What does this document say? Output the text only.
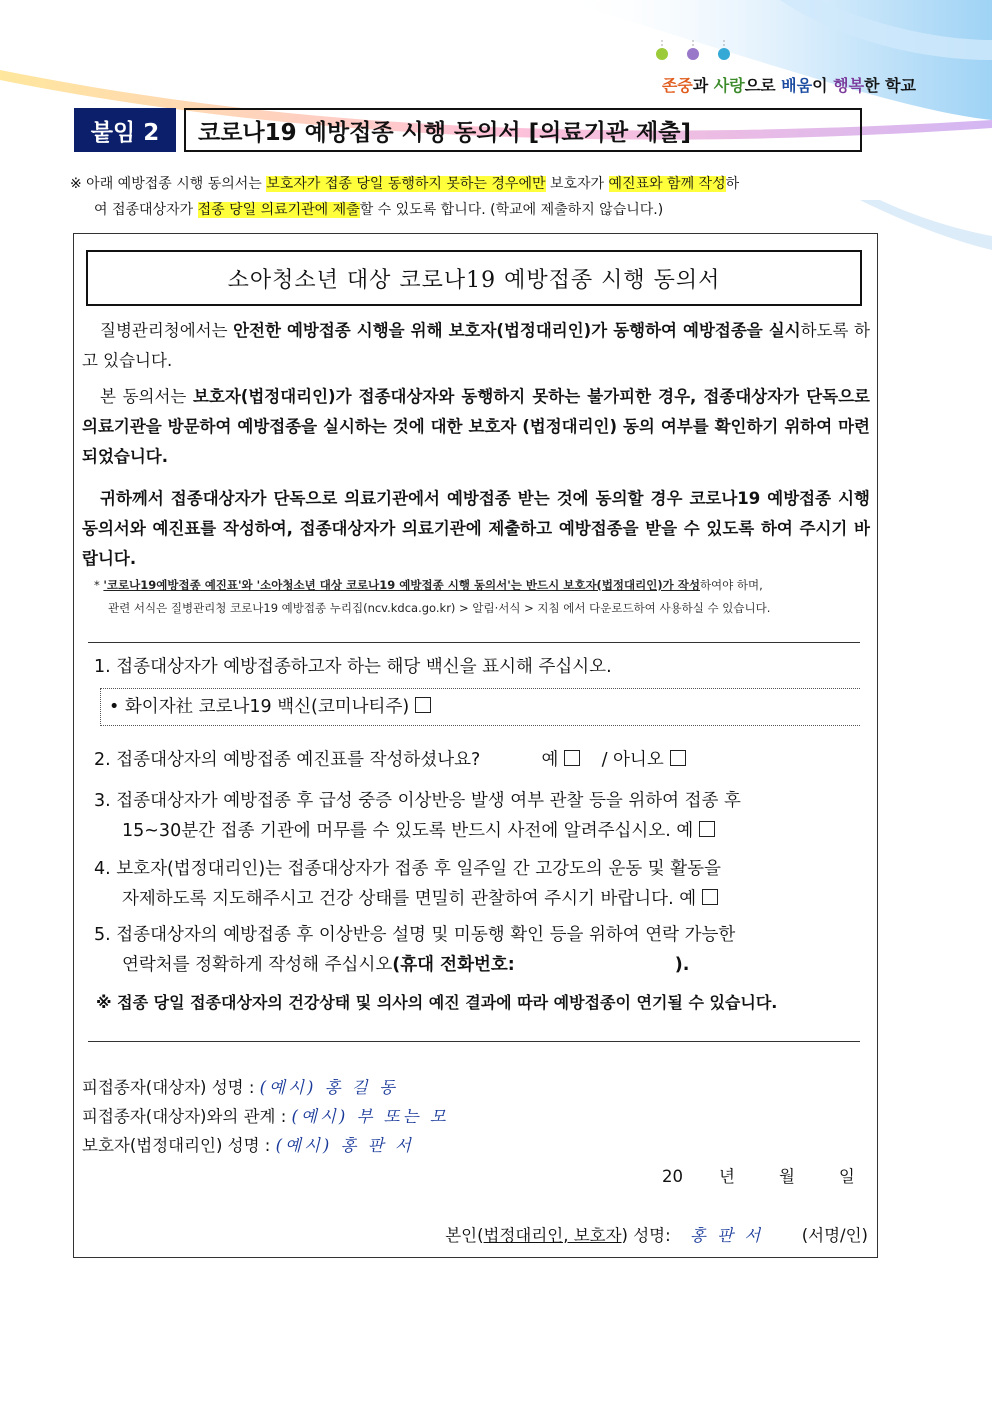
존중과 사랑으로 배움이 행복한 학교
붙임 2	코로나19 예방접종 시행 동의서 [의료기관 제출]
※ 아래 예방접종 시행 동의서는 보호자가 접종 당일 동행하지 못하는 경우에만 보호자가 예진표와 함께 작성하
여 접종대상자가 접종 당일 의료기관에 제출할 수 있도록 합니다. (학교에 제출하지 않습니다.)
소아청소년 대상 코로나19 예방접종 시행 동의서
질병관리청에서는 안전한 예방접종 시행을 위해 보호자(법정대리인)가 동행하여 예방접종을 실시하도록 하고 있습니다.
본 동의서는 보호자(법정대리인)가 접종대상자와 동행하지 못하는 불가피한 경우, 접종대상자가 단독으로 의료기관을 방문하여 예방접종을 실시하는 것에 대한 보호자 (법정대리인) 동의 여부를 확인하기 위하여 마련되었습니다.
귀하께서 접종대상자가 단독으로 의료기관에서 예방접종 받는 것에 동의할 경우 코로나19 예방접종 시행 동의서와 예진표를 작성하여, 접종대상자가 의료기관에 제출하고 예방접종을 받을 수 있도록 하여 주시기 바랍니다.
* '코로나19예방접종 예진표'와 '소아청소년 대상 코로나19 예방접종 시행 동의서'는 반드시 보호자(법정대리인)가 작성하여야 하며,
관련 서식은 질병관리청 코로나19 예방접종 누리집(ncv.kdca.go.kr) > 알림·서식 > 지침 에서 다운로드하여 사용하실 수 있습니다.
1. 접종대상자가 예방접종하고자 하는 해당 백신을 표시해 주십시오.
• 화이자社 코로나19 백신(코미나티주)
2. 접종대상자의 예방접종 예진표를 작성하셨나요?	예 / 아니오
3. 접종대상자가 예방접종 후 급성 중증 이상반응 발생 여부 관찰 등을 위하여 접종 후
15~30분간 접종 기관에 머무를 수 있도록 반드시 사전에 알려주십시오. 예
4. 보호자(법정대리인)는 접종대상자가 접종 후 일주일 간 고강도의 운동 및 활동을
자제하도록 지도해주시고 건강 상태를 면밀히 관찰하여 주시기 바랍니다. 예
5. 접종대상자의 예방접종 후 이상반응 설명 및 미동행 확인 등을 위하여 연락 가능한
연락처를 정확하게 작성해 주십시오(휴대 전화번호:	).
※ 접종 당일 접종대상자의 건강상태 및 의사의 예진 결과에 따라 예방접종이 연기될 수 있습니다.
피접종자(대상자) 성명 : (예시) 홍 길 동
피접종자(대상자)와의 관계 : (예시) 부 또는 모
보호자(법정대리인) 성명 : (예시) 홍 판 서
20 년	월	일
본인(법정대리인, 보호자) 성명: 홍 판 서 (서명/인)
